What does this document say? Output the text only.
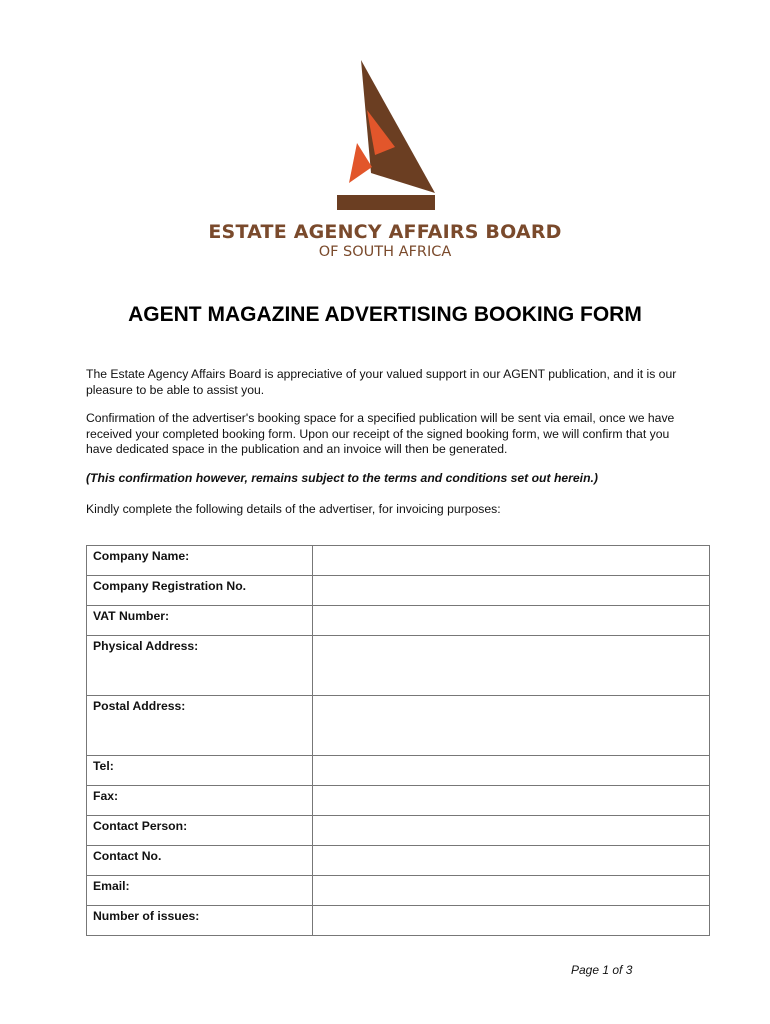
ESTATE AGENCY AFFAIRS BOARD
OF SOUTH AFRICA
AGENT MAGAZINE ADVERTISING BOOKING FORM
The Estate Agency Affairs Board is appreciative of your valued support in our AGENT publication, and it is our pleasure to be able to assist you.
Confirmation of the advertiser's booking space for a specified publication will be sent via email, once we have received your completed booking form. Upon our receipt of the signed booking form, we will confirm that you have dedicated space in the publication and an invoice will then be generated.
(This confirmation however, remains subject to the terms and conditions set out herein.)
Kindly complete the following details of the advertiser, for invoicing purposes:
Company Name:	
Company Registration No.	
VAT Number:	
Physical Address:	
Postal Address:	
Tel:	
Fax:	
Contact Person:	
Contact No.	
Email:	
Number of issues:	
Page 1 of 3
